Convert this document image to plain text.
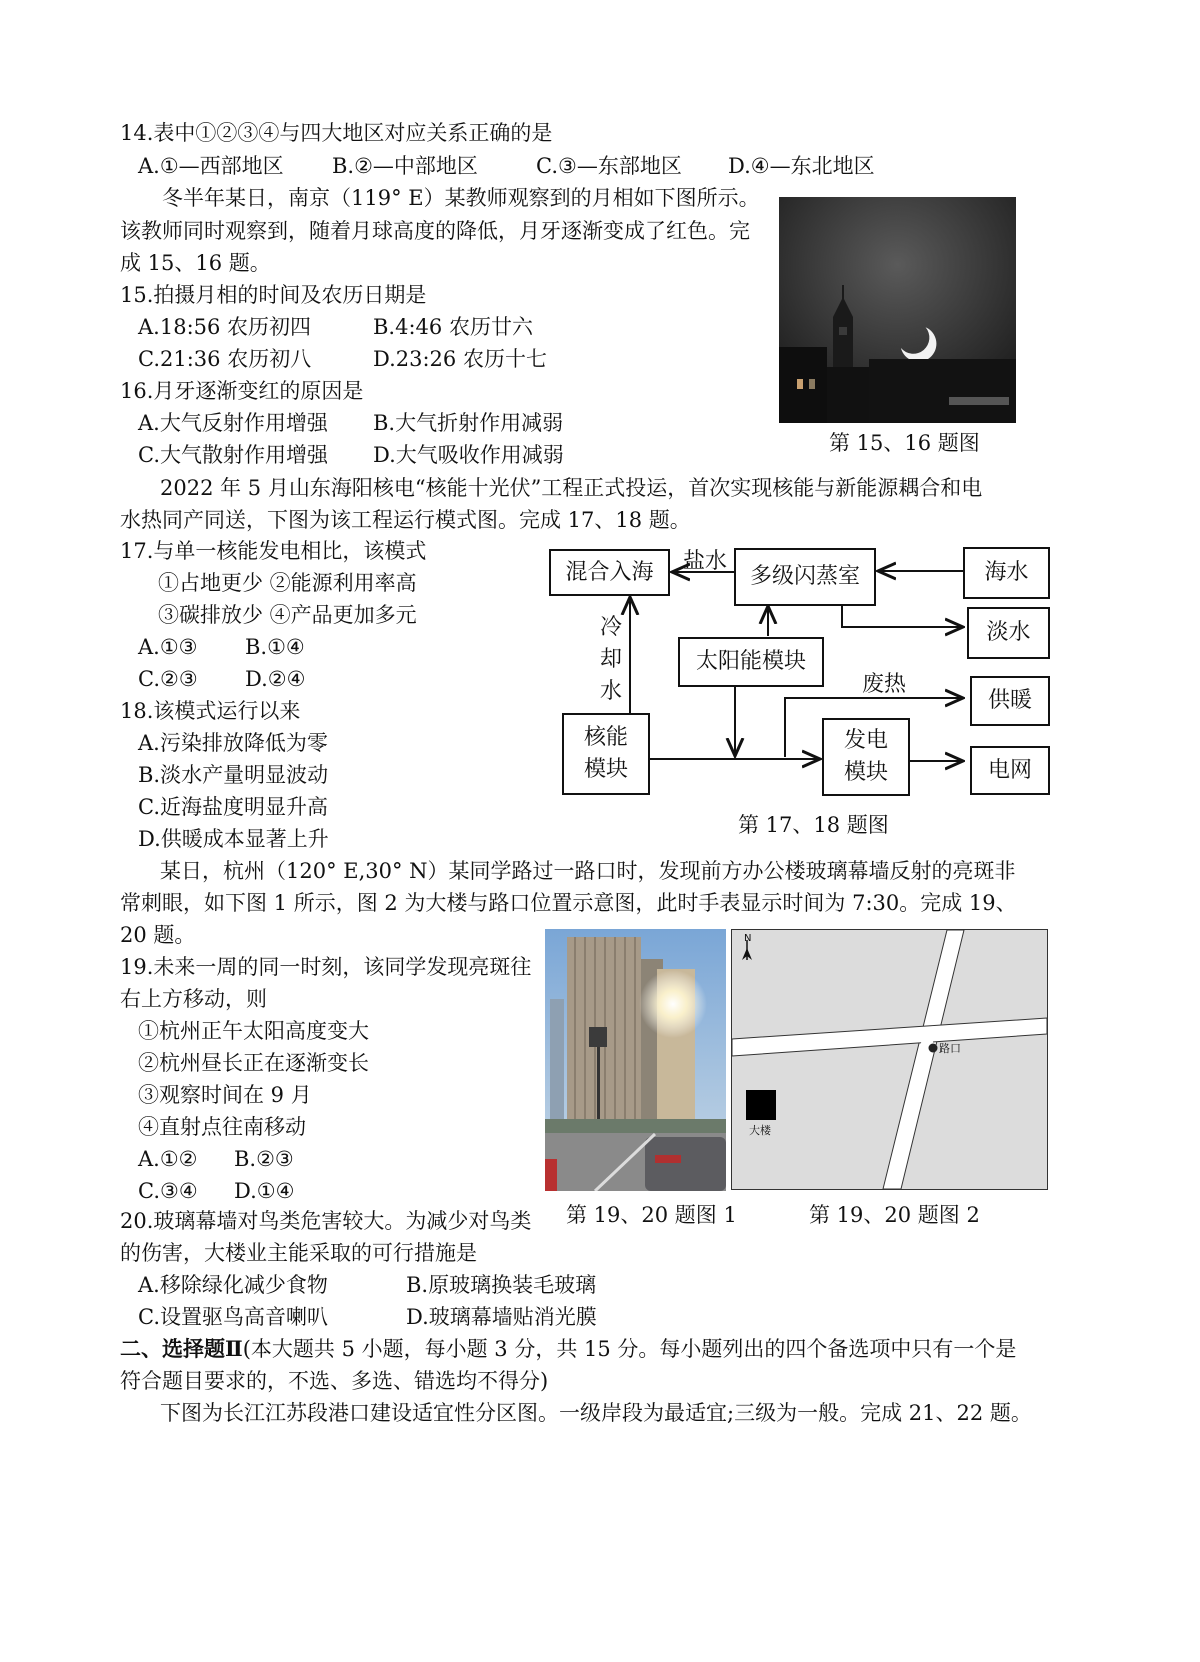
14.表中①②③④与四大地区对应关系正确的是
A.①—西部地区 B.②—中部地区	C.③—东部地区 D.④—东北地区
冬半年某日，南京（119° E）某教师观察到的月相如下图所示。
该教师同时观察到，随着月球高度的降低，月牙逐渐变成了红色。完
成 15、16 题。
15.拍摄月相的时间及农历日期是
A.18:56 农历初四	B.4:46 农历廿六
C.21:36 农历初八	D.23:26 农历十七
16.月牙逐渐变红的原因是
A.大气反射作用增强 B.大气折射作用减弱
C.大气散射作用增强 D.大气吸收作用减弱	第 15、16 题图
2022 年 5 月山东海阳核电“核能十光伏”工程正式投运，首次实现核能与新能源耦合和电
水热同产同送，下图为该工程运行模式图。完成 17、18 题。
17.与单一核能发电相比，该模式
①占地更少 ②能源利用率高
③碳排放少 ④产品更加多元
A.①③ B.①④
C.②③ D.②④
18.该模式运行以来
A.污染排放降低为零
B.淡水产量明显波动
C.近海盐度明显升高
D.供暖成本显著上升
混合入海 盐水
多级闪蒸室	海水
淡水
冷却水
太阳能模块
废热
供暖
核能
模块
发电
模块	电网
第 17、18 题图
某日，杭州（120° E,30° N）某同学路过一路口时，发现前方办公楼玻璃幕墙反射的亮斑非
常刺眼，如下图 1 所示，图 2 为大楼与路口位置示意图，此时手表显示时间为 7:30。完成 19、
20 题。
19.未来一周的同一时刻，该同学发现亮斑往
右上方移动，则
①杭州正午太阳高度变大
②杭州昼长正在逐渐变长
③观察时间在 9 月
④直射点往南移动
A.①② B.②③
C.③④ D.①④
第 19、20 题图 1
N
路口
大楼
第 19、20 题图 2
20.玻璃幕墙对鸟类危害较大。为减少对鸟类
的伤害，大楼业主能采取的可行措施是
A.移除绿化减少食物	B.原玻璃换装毛玻璃
C.设置驱鸟高音喇叭	D.玻璃幕墙贴消光膜
二、选择题Ⅱ(本大题共 5 小题，每小题 3 分，共 15 分。每小题列出的四个备选项中只有一个是
符合题目要求的，不选、多选、错选均不得分)
下图为长江江苏段港口建设适宜性分区图。一级岸段为最适宜;三级为一般。完成 21、22 题。
